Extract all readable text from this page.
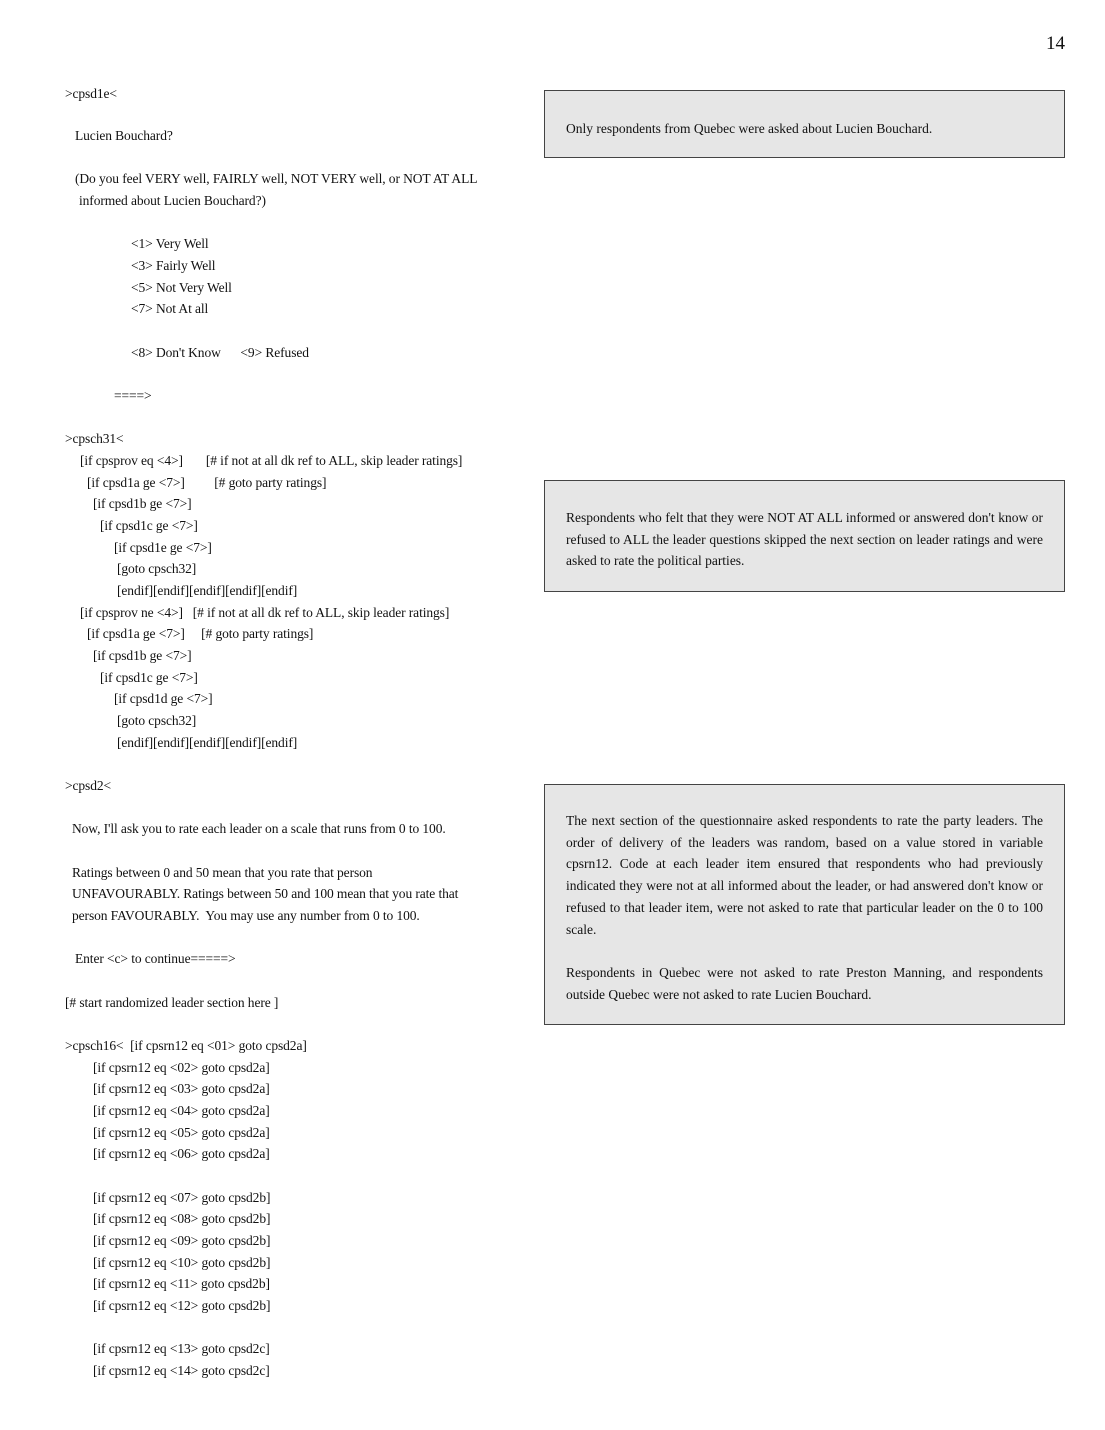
14
>cpsd1e<
Lucien Bouchard?
(Do you feel VERY well, FAIRLY well, NOT VERY well, or NOT AT ALL
informed about Lucien Bouchard?)
<1> Very Well
<3> Fairly Well
<5> Not Very Well
<7> Not At all
<8> Don't Know      <9> Refused
====>
>cpsch31<
[if cpsprov eq <4>]       [# if not at all dk ref to ALL, skip leader ratings]
[if cpsd1a ge <7>]         [# goto party ratings]
[if cpsd1b ge <7>]
[if cpsd1c ge <7>]
[if cpsd1e ge <7>]
[goto cpsch32]
[endif][endif][endif][endif][endif]
[if cpsprov ne <4>]   [# if not at all dk ref to ALL, skip leader ratings]
[if cpsd1a ge <7>]     [# goto party ratings]
[if cpsd1b ge <7>]
[if cpsd1c ge <7>]
[if cpsd1d ge <7>]
[goto cpsch32]
[endif][endif][endif][endif][endif]
>cpsd2<
Now, I'll ask you to rate each leader on a scale that runs from 0 to 100.
Ratings between 0 and 50 mean that you rate that person
UNFAVOURABLY. Ratings between 50 and 100 mean that you rate that
person FAVOURABLY.  You may use any number from 0 to 100.
Enter <c> to continue=====>
[# start randomized leader section here ]
>cpsch16<  [if cpsrn12 eq <01> goto cpsd2a]
[if cpsrn12 eq <02> goto cpsd2a]
[if cpsrn12 eq <03> goto cpsd2a]
[if cpsrn12 eq <04> goto cpsd2a]
[if cpsrn12 eq <05> goto cpsd2a]
[if cpsrn12 eq <06> goto cpsd2a]
[if cpsrn12 eq <07> goto cpsd2b]
[if cpsrn12 eq <08> goto cpsd2b]
[if cpsrn12 eq <09> goto cpsd2b]
[if cpsrn12 eq <10> goto cpsd2b]
[if cpsrn12 eq <11> goto cpsd2b]
[if cpsrn12 eq <12> goto cpsd2b]
[if cpsrn12 eq <13> goto cpsd2c]
[if cpsrn12 eq <14> goto cpsd2c]

Only respondents from Quebec were asked about Lucien Bouchard.

Respondents who felt that they were NOT AT ALL informed or answered don't know or refused to ALL the leader questions skipped the next section on leader ratings and were asked to rate the political parties.

The next section of the questionnaire asked respondents to rate the party leaders. The order of delivery of the leaders was random, based on a value stored in variable cpsrn12. Code at each leader item ensured that respondents who had previously indicated they were not at all informed about the leader, or had answered don't know or refused to that leader item, were not asked to rate that particular leader on the 0 to 100 scale.

Respondents in Quebec were not asked to rate Preston Manning, and respondents outside Quebec were not asked to rate Lucien Bouchard.
